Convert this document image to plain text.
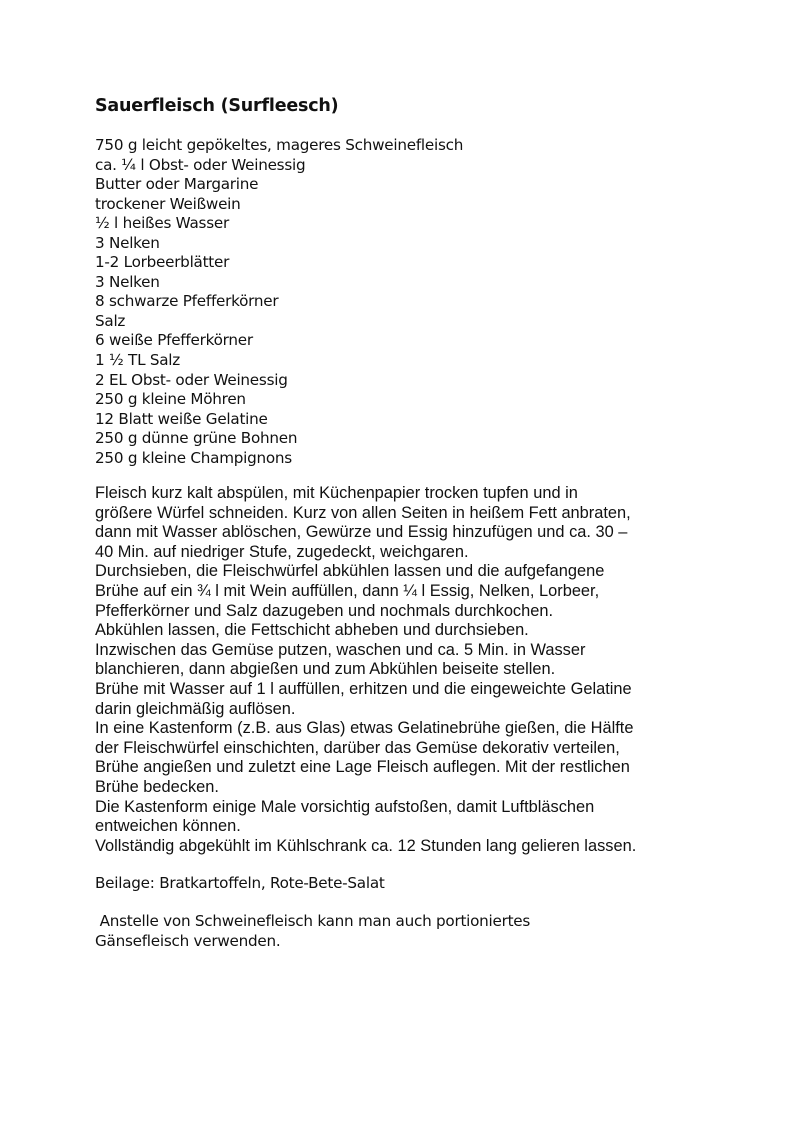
Sauerfleisch (Surfleesch)
750 g leicht gepökeltes, mageres Schweinefleisch
ca. ¼ l Obst- oder Weinessig
Butter oder Margarine
trockener Weißwein
½ l heißes Wasser
3 Nelken
1-2 Lorbeerblätter
3 Nelken
8 schwarze Pfefferkörner
Salz
6 weiße Pfefferkörner
1 ½ TL Salz
2 EL Obst- oder Weinessig
250 g kleine Möhren
12 Blatt weiße Gelatine
250 g dünne grüne Bohnen
250 g kleine Champignons
Fleisch kurz kalt abspülen, mit Küchenpapier trocken tupfen und in
größere Würfel schneiden. Kurz von allen Seiten in heißem Fett anbraten,
dann mit Wasser ablöschen, Gewürze und Essig hinzufügen und ca. 30 –
40 Min. auf niedriger Stufe, zugedeckt, weichgaren.
Durchsieben, die Fleischwürfel abkühlen lassen und die aufgefangene
Brühe auf ein ¾ l mit Wein auffüllen, dann ¼ l Essig, Nelken, Lorbeer,
Pfefferkörner und Salz dazugeben und nochmals durchkochen.
Abkühlen lassen, die Fettschicht abheben und durchsieben.
Inzwischen das Gemüse putzen, waschen und ca. 5 Min. in Wasser
blanchieren, dann abgießen und zum Abkühlen beiseite stellen.
Brühe mit Wasser auf 1 l auffüllen, erhitzen und die eingeweichte Gelatine
darin gleichmäßig auflösen.
In eine Kastenform (z.B. aus Glas) etwas Gelatinebrühe gießen, die Hälfte
der Fleischwürfel einschichten, darüber das Gemüse dekorativ verteilen,
Brühe angießen und zuletzt eine Lage Fleisch auflegen. Mit der restlichen
Brühe bedecken.
Die Kastenform einige Male vorsichtig aufstoßen, damit Luftbläschen
entweichen können.
Vollständig abgekühlt im Kühlschrank ca. 12 Stunden lang gelieren lassen.
Beilage: Bratkartoffeln, Rote-Bete-Salat
Anstelle von Schweinefleisch kann man auch portioniertes
Gänsefleisch verwenden.
